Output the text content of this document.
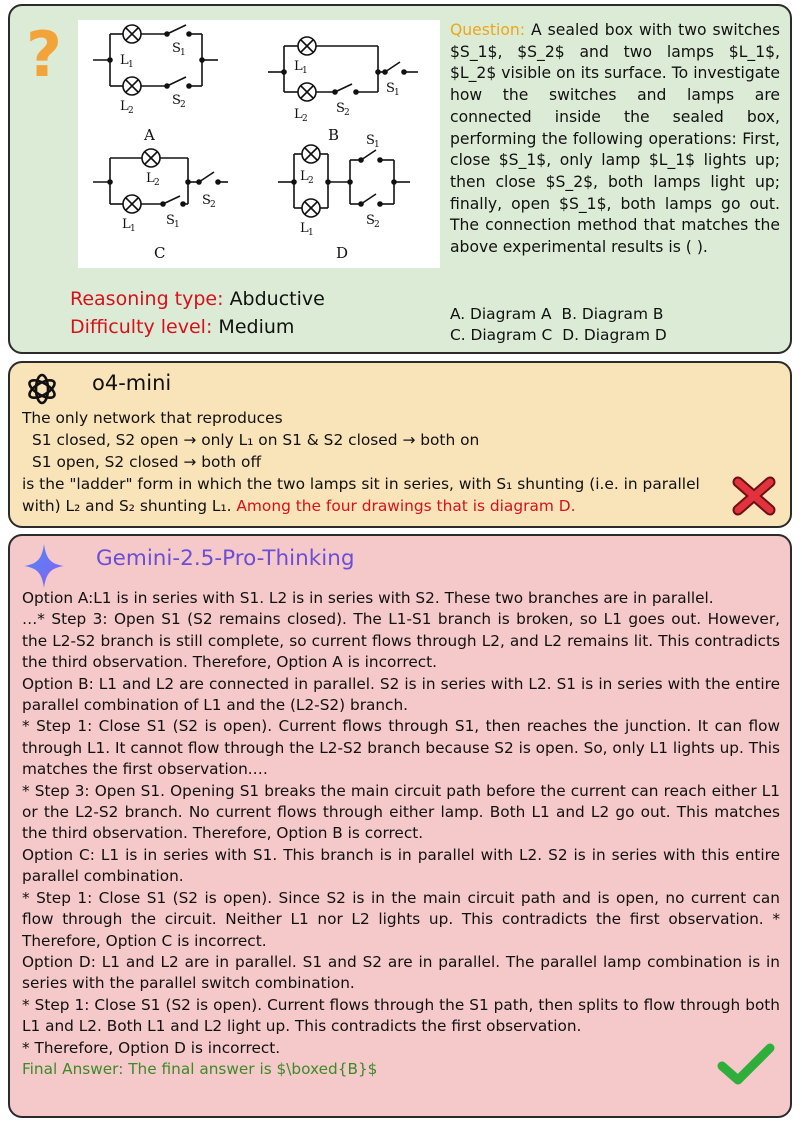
?	L 1
L 2
S 1
S 2
A
L 1
L 2
S 2
S 1
B
L 2
L 1
S 1
S 2
C
L 2
L 1
S 1
S 2
D
Reasoning type: Abductive
Difficulty level: Medium
Question: A sealed box with two switches $S_1$, $S_2$ and two lamps $L_1$, $L_2$ visible on its surface. To investigate how the switches and lamps are connected inside the sealed box, performing the following operations: First, close $S_1$, only lamp $L_1$ lights up; then close $S_2$, both lamps light up; finally, open $S_1$, both lamps go out. The connection method that matches the above experimental results is ( ).
A. Diagram A B. Diagram B
C. Diagram C D. Diagram D
o4-mini
The only network that reproduces
S1 closed, S2 open → only L₁ on S1 & S2 closed → both on
S1 open, S2 closed → both off
is the "ladder" form in which the two lamps sit in series, with S₁ shunting (i.e. in parallel
with) L₂ and S₂ shunting L₁. Among the four drawings that is diagram D.
Gemini-2.5-Pro-Thinking

Option A:L1 is in series with S1. L2 is in series with S2. These two branches are in parallel.

…* Step 3: Open S1 (S2 remains closed). The L1-S1 branch is broken, so L1 goes out. However, the L2-S2 branch is still complete, so current flows through L2, and L2 remains lit. This contradicts the third observation. Therefore, Option A is incorrect.

Option B: L1 and L2 are connected in parallel. S2 is in series with L2. S1 is in series with the entire parallel combination of L1 and the (L2-S2) branch.

* Step 1: Close S1 (S2 is open). Current flows through S1, then reaches the junction. It can flow through L1. It cannot flow through the L2-S2 branch because S2 is open. So, only L1 lights up. This matches the first observation.…

* Step 3: Open S1. Opening S1 breaks the main circuit path before the current can reach either L1 or the L2-S2 branch. No current flows through either lamp. Both L1 and L2 go out. This matches the third observation. Therefore, Option B is correct.

Option C: L1 is in series with S1. This branch is in parallel with L2. S2 is in series with this entire parallel combination.

* Step 1: Close S1 (S2 is open). Since S2 is in the main circuit path and is open, no current can flow through the circuit. Neither L1 nor L2 lights up. This contradicts the first observation. * Therefore, Option C is incorrect.

Option D: L1 and L2 are in parallel. S1 and S2 are in parallel. The parallel lamp combination is in series with the parallel switch combination.

* Step 1: Close S1 (S2 is open). Current flows through the S1 path, then splits to flow through both L1 and L2. Both L1 and L2 light up. This contradicts the first observation.

* Therefore, Option D is incorrect.

Final Answer: The final answer is $\boxed{B}$
